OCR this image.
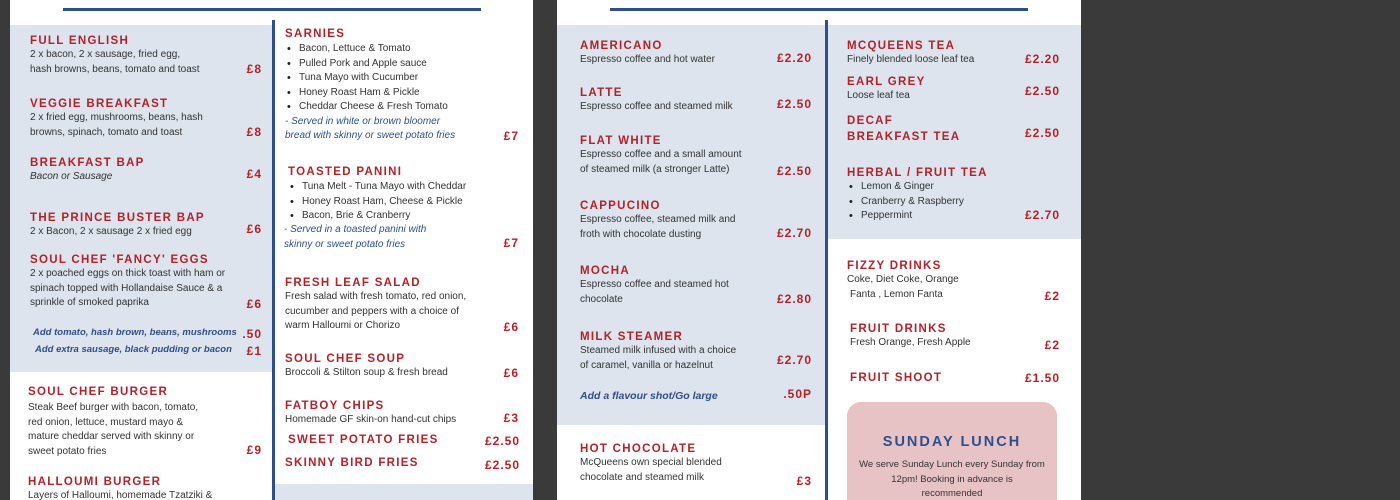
FULL ENGLISH
2 x bacon, 2 x sausage, fried egg,
hash browns, beans, tomato and toast	£8
VEGGIE BREAKFAST
2 x fried egg, mushrooms, beans, hash
browns, spinach, tomato and toast	£8
BREAKFAST BAP
Bacon or Sausage	£4
THE PRINCE BUSTER BAP
2 x Bacon, 2 x sausage 2 x fried egg	£6
SOUL CHEF 'FANCY' EGGS
2 x poached eggs on thick toast with ham or
spinach topped with Hollandaise Sauce & a
sprinkle of smoked paprika	£6
Add tomato, hash brown, beans, mushrooms .50
Add extra sausage, black pudding or bacon	£1
SOUL CHEF BURGER
Steak Beef burger with bacon, tomato,
red onion, lettuce, mustard mayo &
mature cheddar served with skinny or
sweet potato fries	£9
HALLOUMI BURGER
Layers of Halloumi, homemade Tzatziki &
SARNIES
• Bacon, Lettuce & Tomato
• Pulled Pork and Apple sauce
• Tuna Mayo with Cucumber
• Honey Roast Ham & Pickle
• Cheddar Cheese & Fresh Tomato
- Served in white or brown bloomer
bread with skinny or sweet potato fries	£7
TOASTED PANINI
• Tuna Melt - Tuna Mayo with Cheddar
• Honey Roast Ham, Cheese & Pickle
• Bacon, Brie & Cranberry
- Served in a toasted panini with
skinny or sweet potato fries	£7
FRESH LEAF SALAD
Fresh salad with fresh tomato, red onion,
cucumber and peppers with a choice of
warm Halloumi or Chorizo	£6
SOUL CHEF SOUP
Broccoli & Stilton soup & fresh bread	£6
FATBOY CHIPS
Homemade GF skin-on hand-cut chips	£3
SWEET POTATO FRIES	£2.50
SKINNY BIRD FRIES	£2.50
AMERICANO
Espresso coffee and hot water	£2.20
LATTE
Espresso coffee and steamed milk	£2.50
FLAT WHITE
Espresso coffee and a small amount
of steamed milk (a stronger Latte)	£2.50
CAPPUCINO
Espresso coffee, steamed milk and
froth with chocolate dusting	£2.70
MOCHA
Espresso coffee and steamed hot
chocolate	£2.80
MILK STEAMER
Steamed milk infused with a choice
of caramel, vanilla or hazelnut	£2.70
Add a flavour shot/Go large	.50P
HOT CHOCOLATE
McQueens own special blended
chocolate and steamed milk	£3
MCQUEENS TEA
Finely blended loose leaf tea	£2.20
EARL GREY
Loose leaf tea	£2.50
DECAF
BREAKFAST TEA	£2.50
HERBAL / FRUIT TEA
• Lemon & Ginger
• Cranberry & Raspberry
• Peppermint	£2.70
FIZZY DRINKS
Coke, Diet Coke, Orange
Fanta , Lemon Fanta	£2
FRUIT DRINKS
Fresh Orange, Fresh Apple	£2
FRUIT SHOOT	£1.50
SUNDAY LUNCH
We serve Sunday Lunch every Sunday from
12pm! Booking in advance is
recommended
